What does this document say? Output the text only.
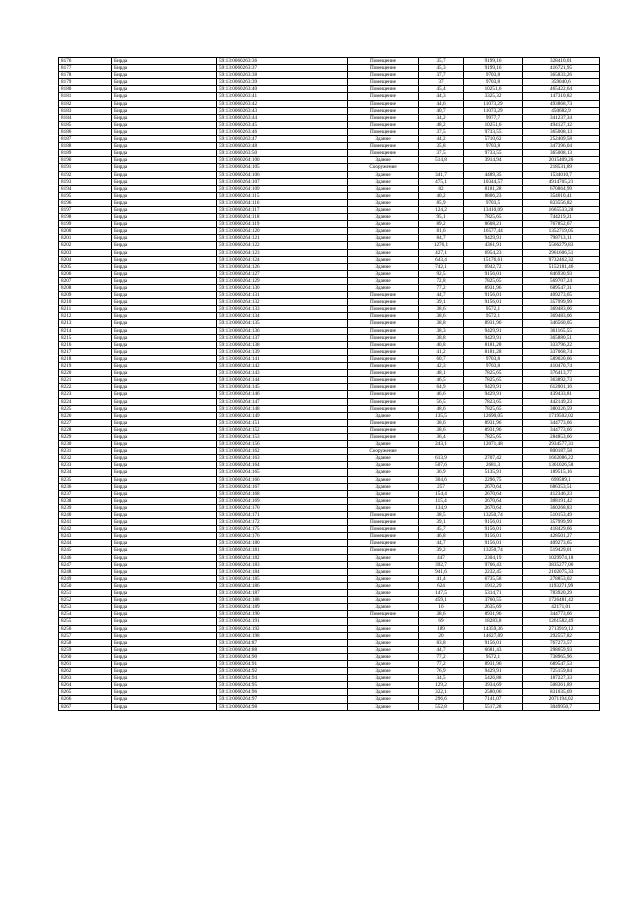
8176	Бирда	59:13:0060263:36	Помещение	35,7	9199,16	328410,01
8177	Бирда	59:13:0060263:37	Помещение	45,3	9199,16	416721,95
8178	Бирда	59:13:0060263:38	Помещение	37,7	9703,8	365833,26
8179	Бирда	59:13:0060263:39	Помещение	37	9703,8	359040,6
8180	Бирда	59:13:0060263:40	Помещение	45,4	10251,6	465422,64
8181	Бирда	59:13:0060263:41	Помещение	44,3	3325,32	147310,82
8182	Бирда	59:13:0060263:42	Помещение	44,6	11073,29	493868,73
8183	Бирда	59:13:0060263:43	Помещение	40,7	11073,29	450682,9
8184	Бирда	59:13:0060263:44	Помещение	34,2	9977,7	341237,34
8185	Бирда	59:13:0060263:45	Помещение	48,2	10251,6	494127,12
8186	Бирда	59:13:0060263:46	Помещение	37,5	9733,55	365008,13
8187	Бирда	59:13:0060263:47	Здание	44,2	5710,62	252409,58
8188	Бирда	59:13:0060263:48	Помещение	35,8	9703,8	347396,04
8189	Бирда	59:13:0060263:50	Помещение	37,5	9733,55	365008,13
8190	Бирда	59:13:0060264:100	Здание	514,8	3914,94	2015409,26
8191	Бирда	59:13:0060264:105	Сооружение			218531,89
8192	Бирда	59:13:0060264:106	Здание	341,7	4489,35	1534010,7
8193	Бирда	59:13:0060264:107	Здание	475,1	10344,57	4914705,21
8194	Бирда	59:13:0060264:109	Здание	82	8181,28	670864,99
8195	Бирда	59:13:0060264:115	Здание	40,2	8806,23	354010,41
8196	Бирда	59:13:0060264:116	Здание	85,9	9703,5	833556,82
8197	Бирда	59:13:0060264:117	Здание	124,2	13410,09	1665533,28
8198	Бирда	59:13:0060264:118	Здание	95,1	7825,65	744219,21
8199	Бирда	59:13:0060264:119	Здание	89,2	8608,21	767852,67
8200	Бирда	59:13:0060264:120	Здание	81,6	16577,44	1352719,05
8201	Бирда	59:13:0060264:121	Здание	84,7	9429,91	798713,11
8202	Бирда	59:13:0060264:122	Здание	1276,1	4361,91	5566279,83
8203	Бирда	59:13:0060264:123	Здание	427,1	6954,23	2961606,51
8204	Бирда	59:13:0060264:124	Здание	643,4	15176,61	9732462,32
8205	Бирда	59:13:0060264:126	Здание	742,1	6942,72	5152181,46
8206	Бирда	59:13:0060264:127	Здание	92,5	9156,01	846930,93
8207	Бирда	59:13:0060264:129	Здание	72,8	7825,65	569707,24
8208	Бирда	59:13:0060264:130	Здание	77,2	8931,96	689547,31
8209	Бирда	59:13:0060264:131	Помещение	44,7	9156,01	409273,65
8210	Бирда	59:13:0060264:132	Помещение	39,1	9156,01	357999,99
8211	Бирда	59:13:0060264:133	Помещение	38,6	9572,1	369483,06
8212	Бирда	59:13:0060264:134	Помещение	38,6	9572,1	369483,06
8213	Бирда	59:13:0060264:135	Помещение	38,8	8931,96	346560,05
8214	Бирда	59:13:0060264:136	Помещение	38,3	9429,91	361165,55
8215	Бирда	59:13:0060264:137	Помещение	38,8	9429,91	365880,51
8216	Бирда	59:13:0060264:138	Помещение	40,8	8181,28	333796,22
8217	Бирда	59:13:0060264:139	Помещение	41,2	8181,28	337068,74
8218	Бирда	59:13:0060264:141	Помещение	60,7	9703,8	589020,66
8219	Бирда	59:13:0060264:142	Помещение	42,3	9703,8	410470,74
8220	Бирда	59:13:0060264:143	Помещение	48,1	7825,65	376413,77
8221	Бирда	59:13:0060264:144	Помещение	46,5	7825,65	363892,73
8222	Бирда	59:13:0060264:145	Помещение	64,9	9429,91	612001,16
8223	Бирда	59:13:0060264:146	Помещение	46,6	9429,91	439433,81
8224	Бирда	59:13:0060264:147	Помещение	56,5	7823,65	442149,23
8225	Бирда	59:13:0060264:148	Помещение	48,6	7825,65	380326,59
8226	Бирда	59:13:0060264:149	Здание	135,5	12690,05	1719502,02
8227	Бирда	59:13:0060264:151	Помещение	38,6	8931,96	344773,66
8228	Бирда	59:13:0060264:152	Помещение	38,6	8931,96	344773,66
8229	Бирда	59:13:0060264:153	Помещение	36,4	7825,65	284853,66
8230	Бирда	59:13:0060264:156	Здание	243,1	12071,48	2934577,31
8231	Бирда	59:13:0060264:162	Сооружение			800187,58
8232	Бирда	59:13:0060264:163	Здание	613,9	2707,42	1662086,22
8233	Бирда	59:13:0060264:164	Здание	507,6	2681,3	1361026,58
8234	Бирда	59:13:0060264:165	Здание	36,9	5135,91	189515,16
8235	Бирда	59:13:0060264:166	Здание	304,6	2296,75	699589,1
8236	Бирда	59:13:0060264:167	Здание	257	2670,64	686353,51
8237	Бирда	59:13:0060264:168	Здание	154,4	2670,64	412346,23
8238	Бирда	59:13:0060264:169	Здание	115,4	2670,64	308191,42
8239	Бирда	59:13:0060264:170	Здание	134,9	2670,64	360268,83
8240	Бирда	59:13:0060264:171	Помещение	38,5	13250,74	510153,49
8241	Бирда	59:13:0060264:172	Помещение	39,1	9156,01	357999,99
8242	Бирда	59:13:0060264:175	Помещение	45,7	9156,01	418429,66
8243	Бирда	59:13:0060264:176	Помещение	46,8	9156,01	428501,27
8244	Бирда	59:13:0060264:180	Помещение	44,7	9156,01	409273,65
8245	Бирда	59:13:0060264:181	Помещение	39,2	13250,74	519429,01
8246	Бирда	59:13:0060264:182	Здание	447	2304,19	1029974,18
8247	Бирда	59:13:0060264:183	Здание	392,7	9766,43	3835277,06
8248	Бирда	59:13:0060264:184	Здание	941,6	2232,45	2102075,33
8249	Бирда	59:13:0060264:185	Здание	41,4	6735,58	278853,02
8250	Бирда	59:13:0060264:186	Здание	624	1912,29	1193271,99
8251	Бирда	59:13:0060264:187	Здание	147,5	5314,71	783920,29
8252	Бирда	59:13:0060264:188	Здание	459,1	3760,55	1726481,42
8253	Бирда	59:13:0060264:189	Здание	16	2635,69	42171,01
8254	Бирда	59:13:0060264:190	Помещение	38,6	8931,96	344773,66
8255	Бирда	59:13:0060264:191	Здание	69	18283,8	1261582,49
8256	Бирда	59:13:0060264:192	Здание	189	14359,36	2713919,12
8257	Бирда	59:13:0060264:198	Здание	20	14627,89	292557,82
8258	Бирда	59:13:0060264:87	Здание	83,8	9156,01	767273,57
8259	Бирда	59:13:0060264:88	Здание	44,7	6681,43	298659,93
8260	Бирда	59:13:0060264:90	Здание	77,2	9572,1	738965,96
8261	Бирда	59:13:0060264:91	Здание	77,2	8931,96	689547,53
8262	Бирда	59:13:0060264:92	Здание	76,9	9429,91	725159,84
8263	Бирда	59:13:0060264:94	Здание	34,5	5426,88	187227,33
8264	Бирда	59:13:0060264:95	Здание	129,2	3934,69	508361,89
8265	Бирда	59:13:0060264:96	Здание	322,1	2580,06	831035,69
8266	Бирда	59:13:0060264:97	Здание	296,6	7141,07	2071194,02
8267	Бирда	59:13:0060264:98	Здание	552,8	5517,28	3049950,7
